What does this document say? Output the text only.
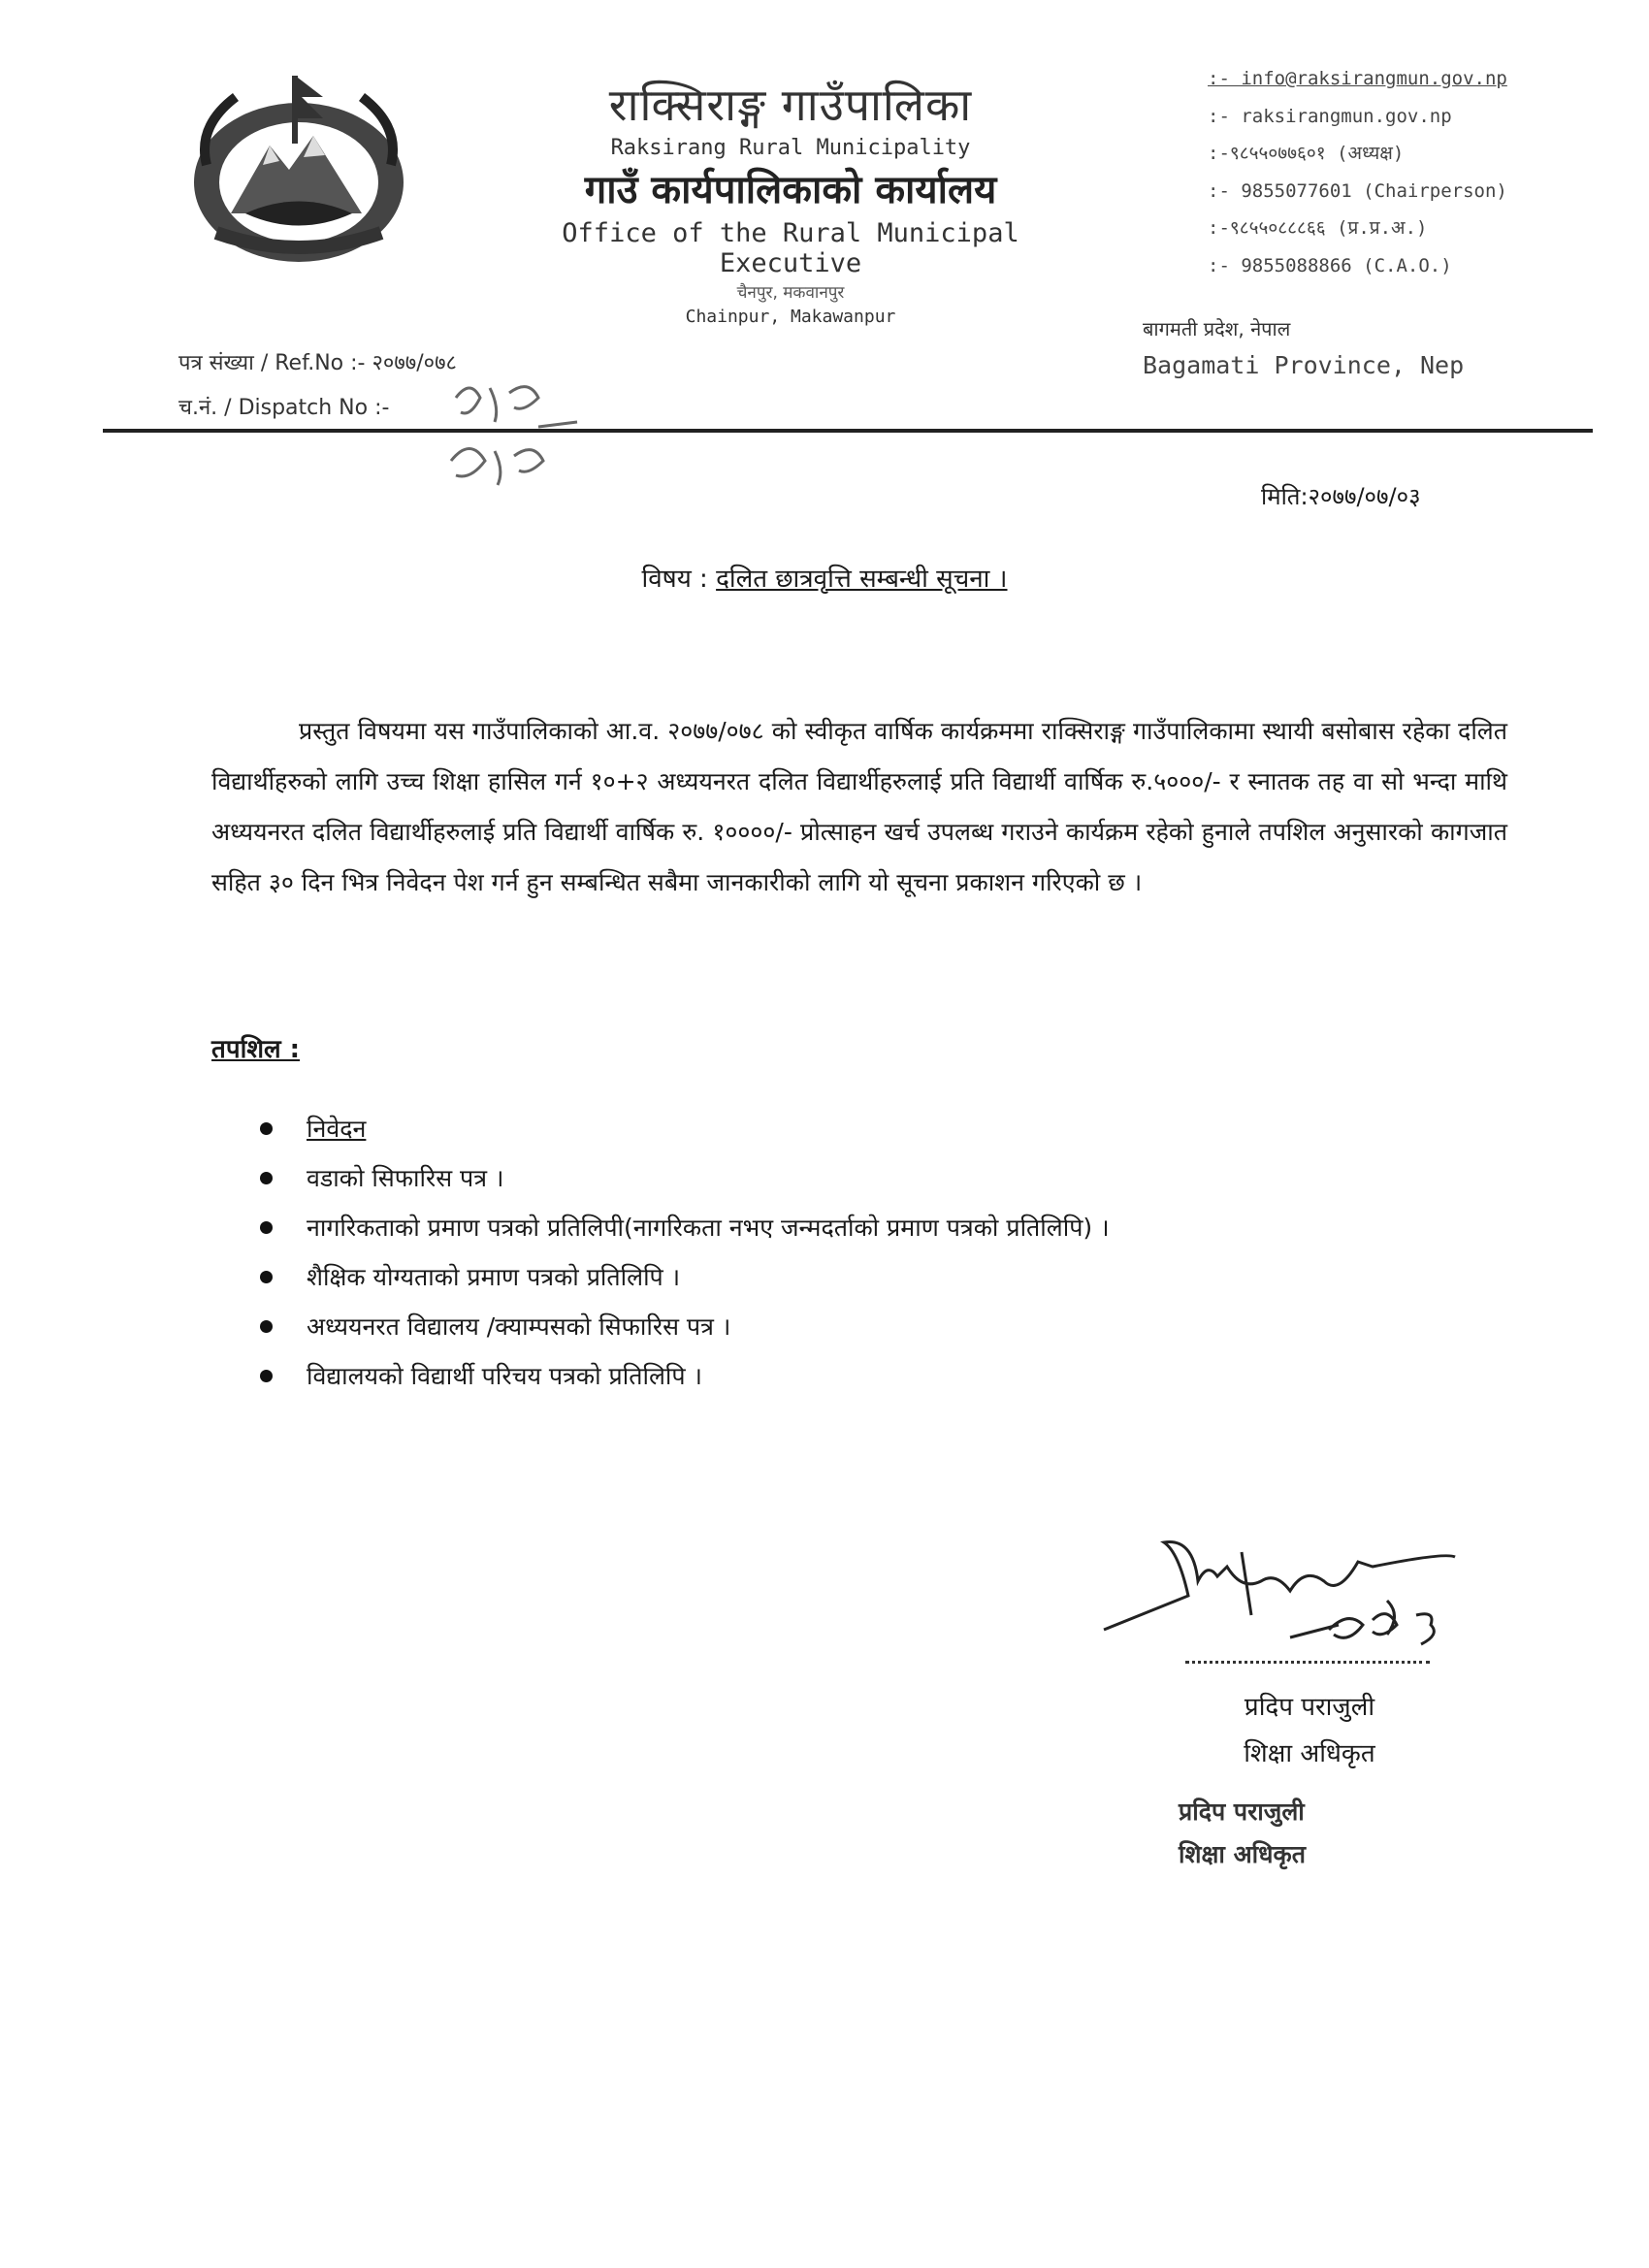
राक्सिराङ्ग गाउँपालिका
Raksirang Rural Municipality
गाउँ कार्यपालिकाको कार्यालय
Office of the Rural Municipal Executive
चैनपुर, मकवानपुर
Chainpur, Makawanpur
:- info@raksirangmun.gov.np
:- raksirangmun.gov.np
:-९८५५०७७६०१ (अध्यक्ष)
:- 9855077601 (Chairperson)
:-९८५५०८८८६६ (प्र.प्र.अ.)
:- 9855088866 (C.A.O.)
बागमती प्रदेश, नेपाल
Bagamati Province, Nep
पत्र संख्या / Ref.No :- २०७७/०७८
च.नं. / Dispatch No :-
मिति:२०७७/०७/०३
विषय : दलित छात्रवृत्ति सम्बन्धी सूचना ।
प्रस्तुत विषयमा यस गाउँपालिकाको आ.व. २०७७/०७८ को स्वीकृत वार्षिक कार्यक्रममा राक्सिराङ्ग गाउँपालिकामा स्थायी बसोबास रहेका दलित विद्यार्थीहरुको लागि उच्च शिक्षा हासिल गर्न १०+२ अध्ययनरत दलित विद्यार्थीहरुलाई प्रति विद्यार्थी वार्षिक रु.५०००/- र स्नातक तह वा सो भन्दा माथि अध्ययनरत दलित विद्यार्थीहरुलाई प्रति विद्यार्थी वार्षिक रु. १००००/- प्रोत्साहन खर्च उपलब्ध गराउने कार्यक्रम रहेको हुनाले तपशिल अनुसारको कागजात सहित ३० दिन भित्र निवेदन पेश गर्न हुन सम्बन्धित सबैमा जानकारीको लागि यो सूचना प्रकाशन गरिएको छ ।
तपशिल :
निवेदन
वडाको सिफारिस पत्र ।
नागरिकताको प्रमाण पत्रको प्रतिलिपी(नागरिकता नभए जन्मदर्ताको प्रमाण पत्रको प्रतिलिपि) ।
शैक्षिक योग्यताको प्रमाण पत्रको प्रतिलिपि ।
अध्ययनरत विद्यालय /क्याम्पसको सिफारिस पत्र ।
विद्यालयको विद्यार्थी परिचय पत्रको प्रतिलिपि ।
प्रदिप पराजुली
शिक्षा अधिकृत
प्रदिप पराजुली
शिक्षा अधिकृत
